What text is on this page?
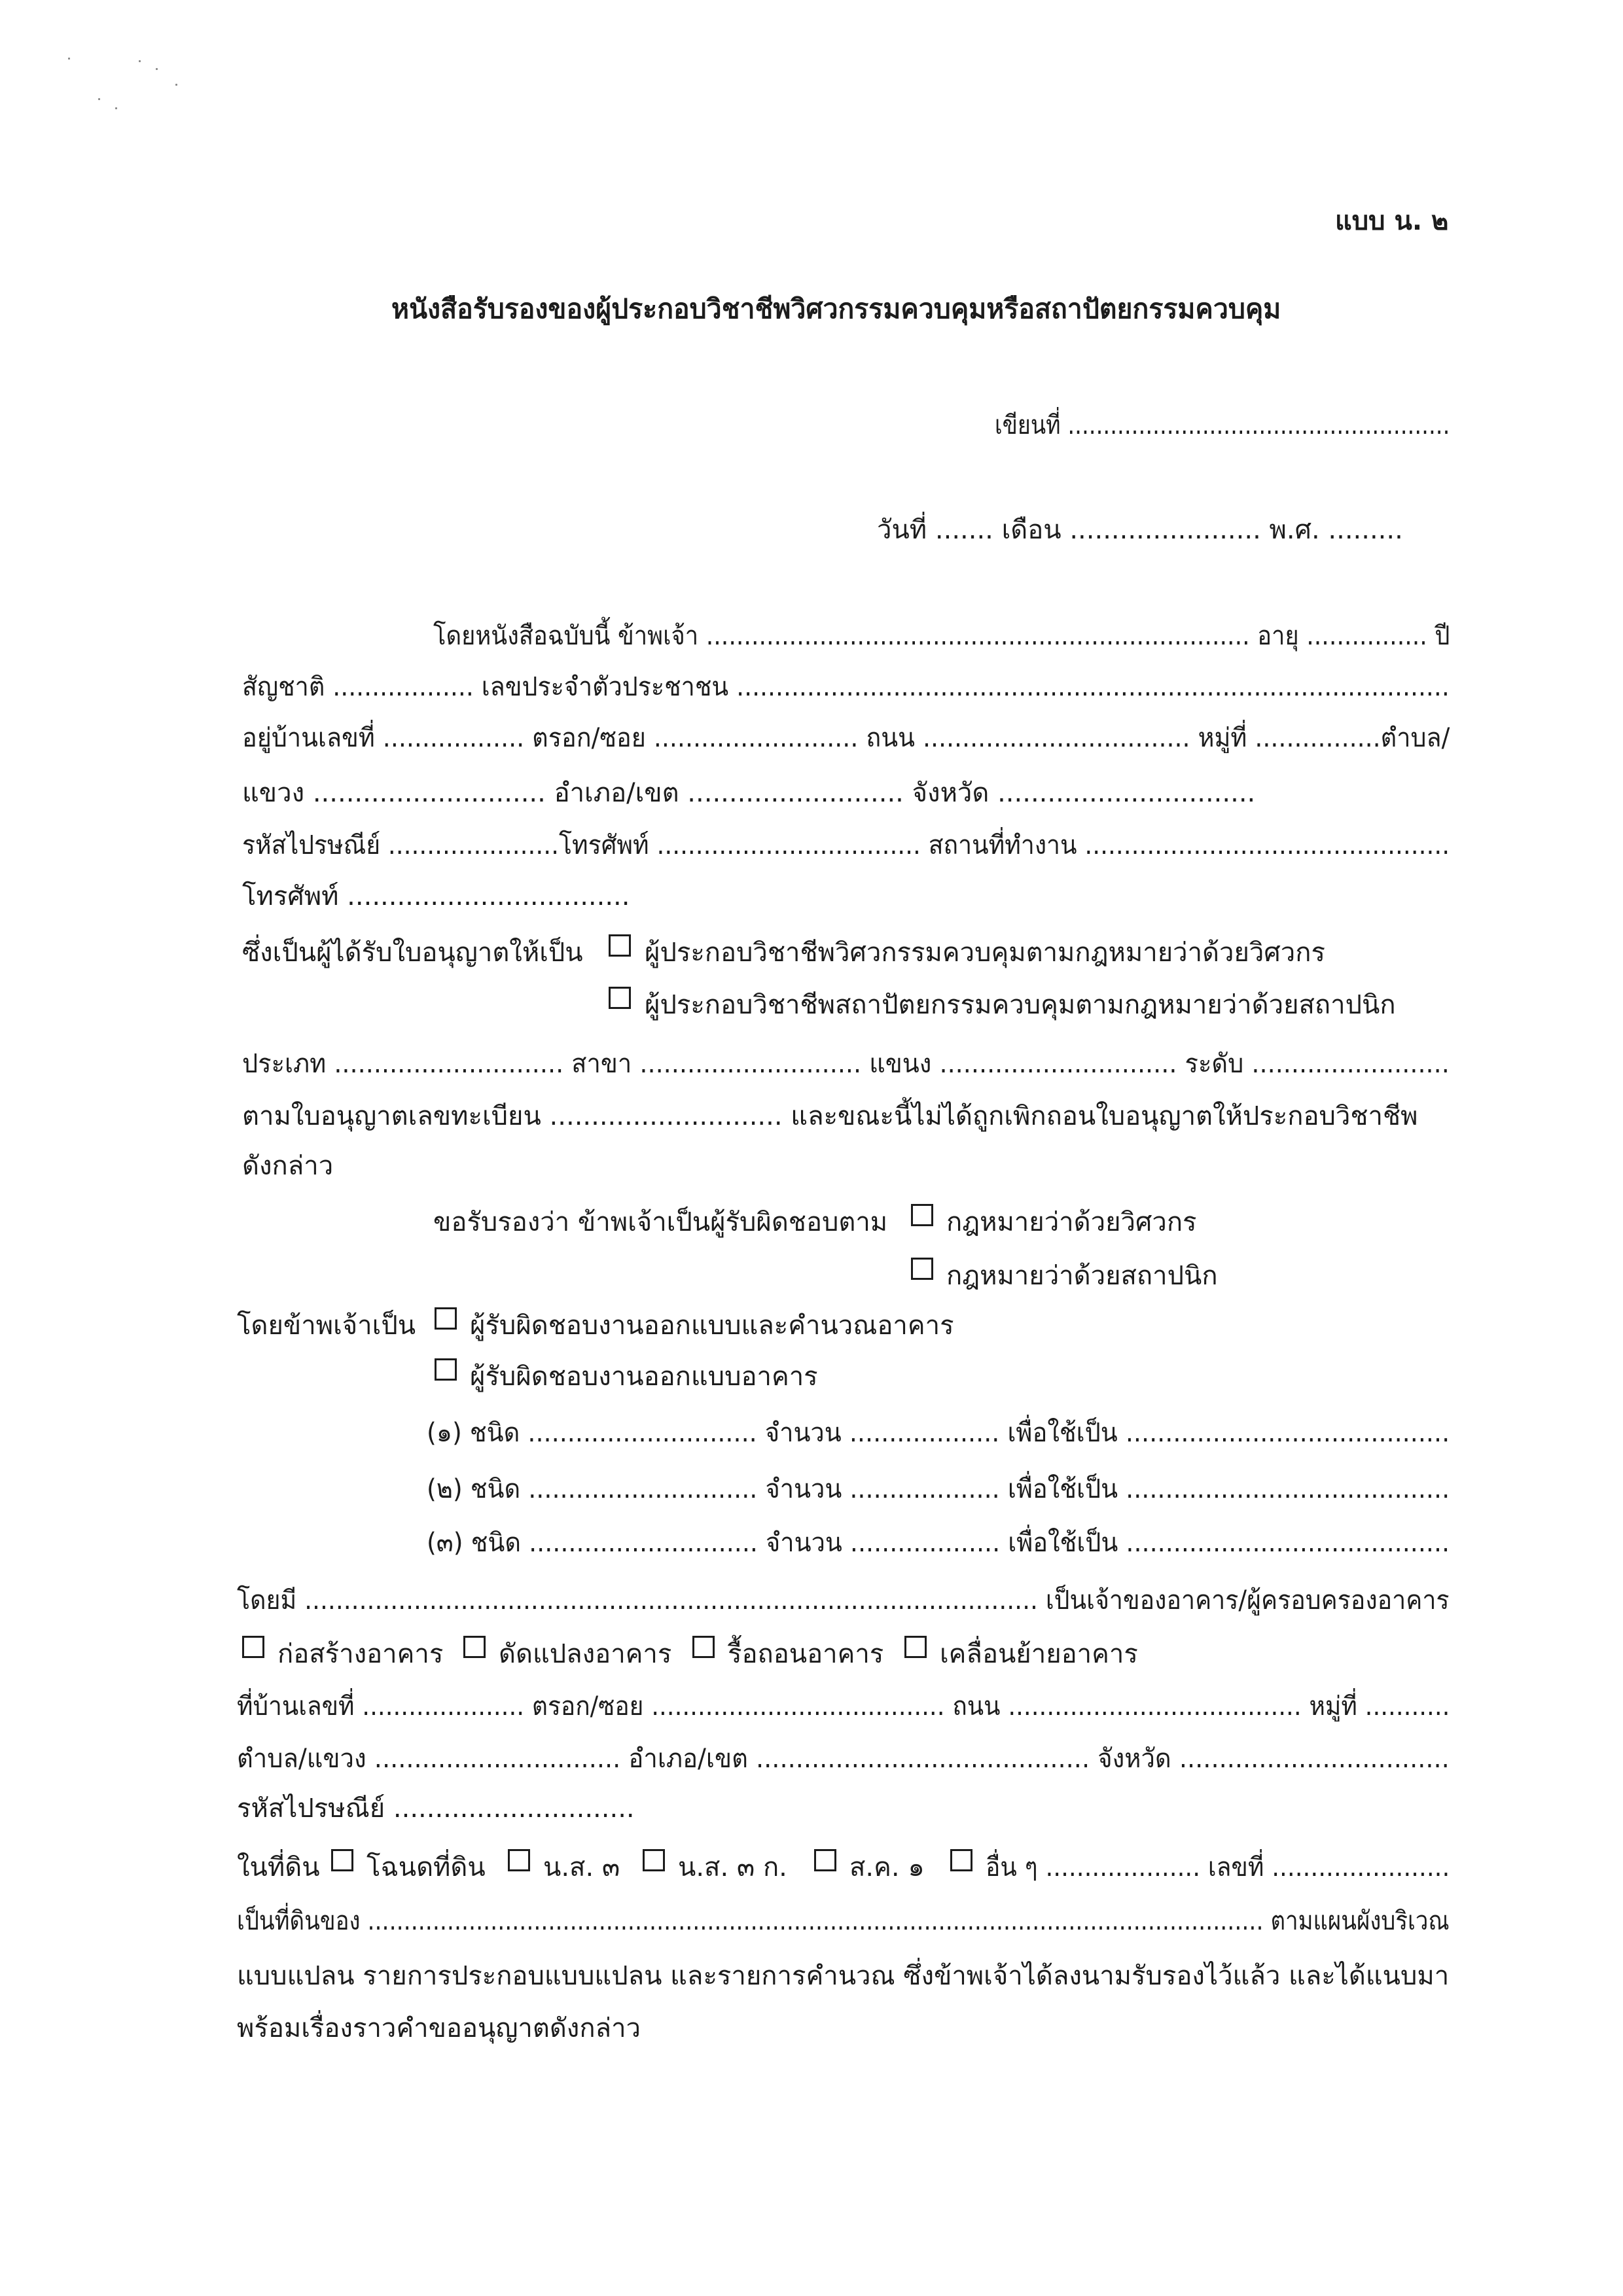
แบบ น. ๒
หนังสือรับรองของผู้ประกอบวิชาชีพวิศวกรรมควบคุมหรือสถาปัตยกรรมควบคุม
เขียนที่ ......................................................
วันที่ ....... เดือน ....................... พ.ศ. .........
โดยหนังสือฉบับนี้ ข้าพเจ้า ........................................................................ อายุ ................ ปี
สัญชาติ .................. เลขประจำตัวประชาชน ...........................................................................................
อยู่บ้านเลขที่ .................. ตรอก/ซอย .......................... ถนน .................................. หมู่ที่ ................ตำบล/
แขวง ............................ อำเภอ/เขต .......................... จังหวัด ...............................
รหัสไปรษณีย์ ......................โทรศัพท์ .................................. สถานที่ทำงาน ...............................................
โทรศัพท์ ..................................
ซึ่งเป็นผู้ได้รับใบอนุญาตให้เป็น ผู้ประกอบวิชาชีพวิศวกรรมควบคุมตามกฎหมายว่าด้วยวิศวกร
ผู้ประกอบวิชาชีพสถาปัตยกรรมควบคุมตามกฎหมายว่าด้วยสถาปนิก
ประเภท ............................. สาขา ............................ แขนง .............................. ระดับ .........................
ตามใบอนุญาตเลขทะเบียน ............................ และขณะนี้ไม่ได้ถูกเพิกถอนใบอนุญาตให้ประกอบวิชาชีพ
ดังกล่าว
ขอรับรองว่า ข้าพเจ้าเป็นผู้รับผิดชอบตาม กฎหมายว่าด้วยวิศวกร
กฎหมายว่าด้วยสถาปนิก
โดยข้าพเจ้าเป็น ผู้รับผิดชอบงานออกแบบและคำนวณอาคาร
ผู้รับผิดชอบงานออกแบบอาคาร
(๑) ชนิด ............................. จำนวน ................... เพื่อใช้เป็น .........................................
(๒) ชนิด ............................. จำนวน ................... เพื่อใช้เป็น .........................................
(๓) ชนิด ............................. จำนวน ................... เพื่อใช้เป็น .........................................
โดยมี .............................................................................................. เป็นเจ้าของอาคาร/ผู้ครอบครองอาคาร
ก่อสร้างอาคาร ดัดแปลงอาคาร รื้อถอนอาคาร เคลื่อนย้ายอาคาร
ที่บ้านเลขที่ ..................... ตรอก/ซอย ...................................... ถนน ...................................... หมู่ที่ ...........
ตำบล/แขวง ............................... อำเภอ/เขต .......................................... จังหวัด ..................................
รหัสไปรษณีย์ .............................
ในที่ดิน โฉนดที่ดิน น.ส. ๓ น.ส. ๓ ก. ส.ค. ๑ อื่น ๆ .................... เลขที่ .......................
เป็นที่ดินของ ............................................................................................................................ ตามแผนผังบริเวณ
แบบแปลน รายการประกอบแบบแปลน และรายการคำนวณ ซึ่งข้าพเจ้าได้ลงนามรับรองไว้แล้ว และได้แนบมา
พร้อมเรื่องราวคำขออนุญาตดังกล่าว
